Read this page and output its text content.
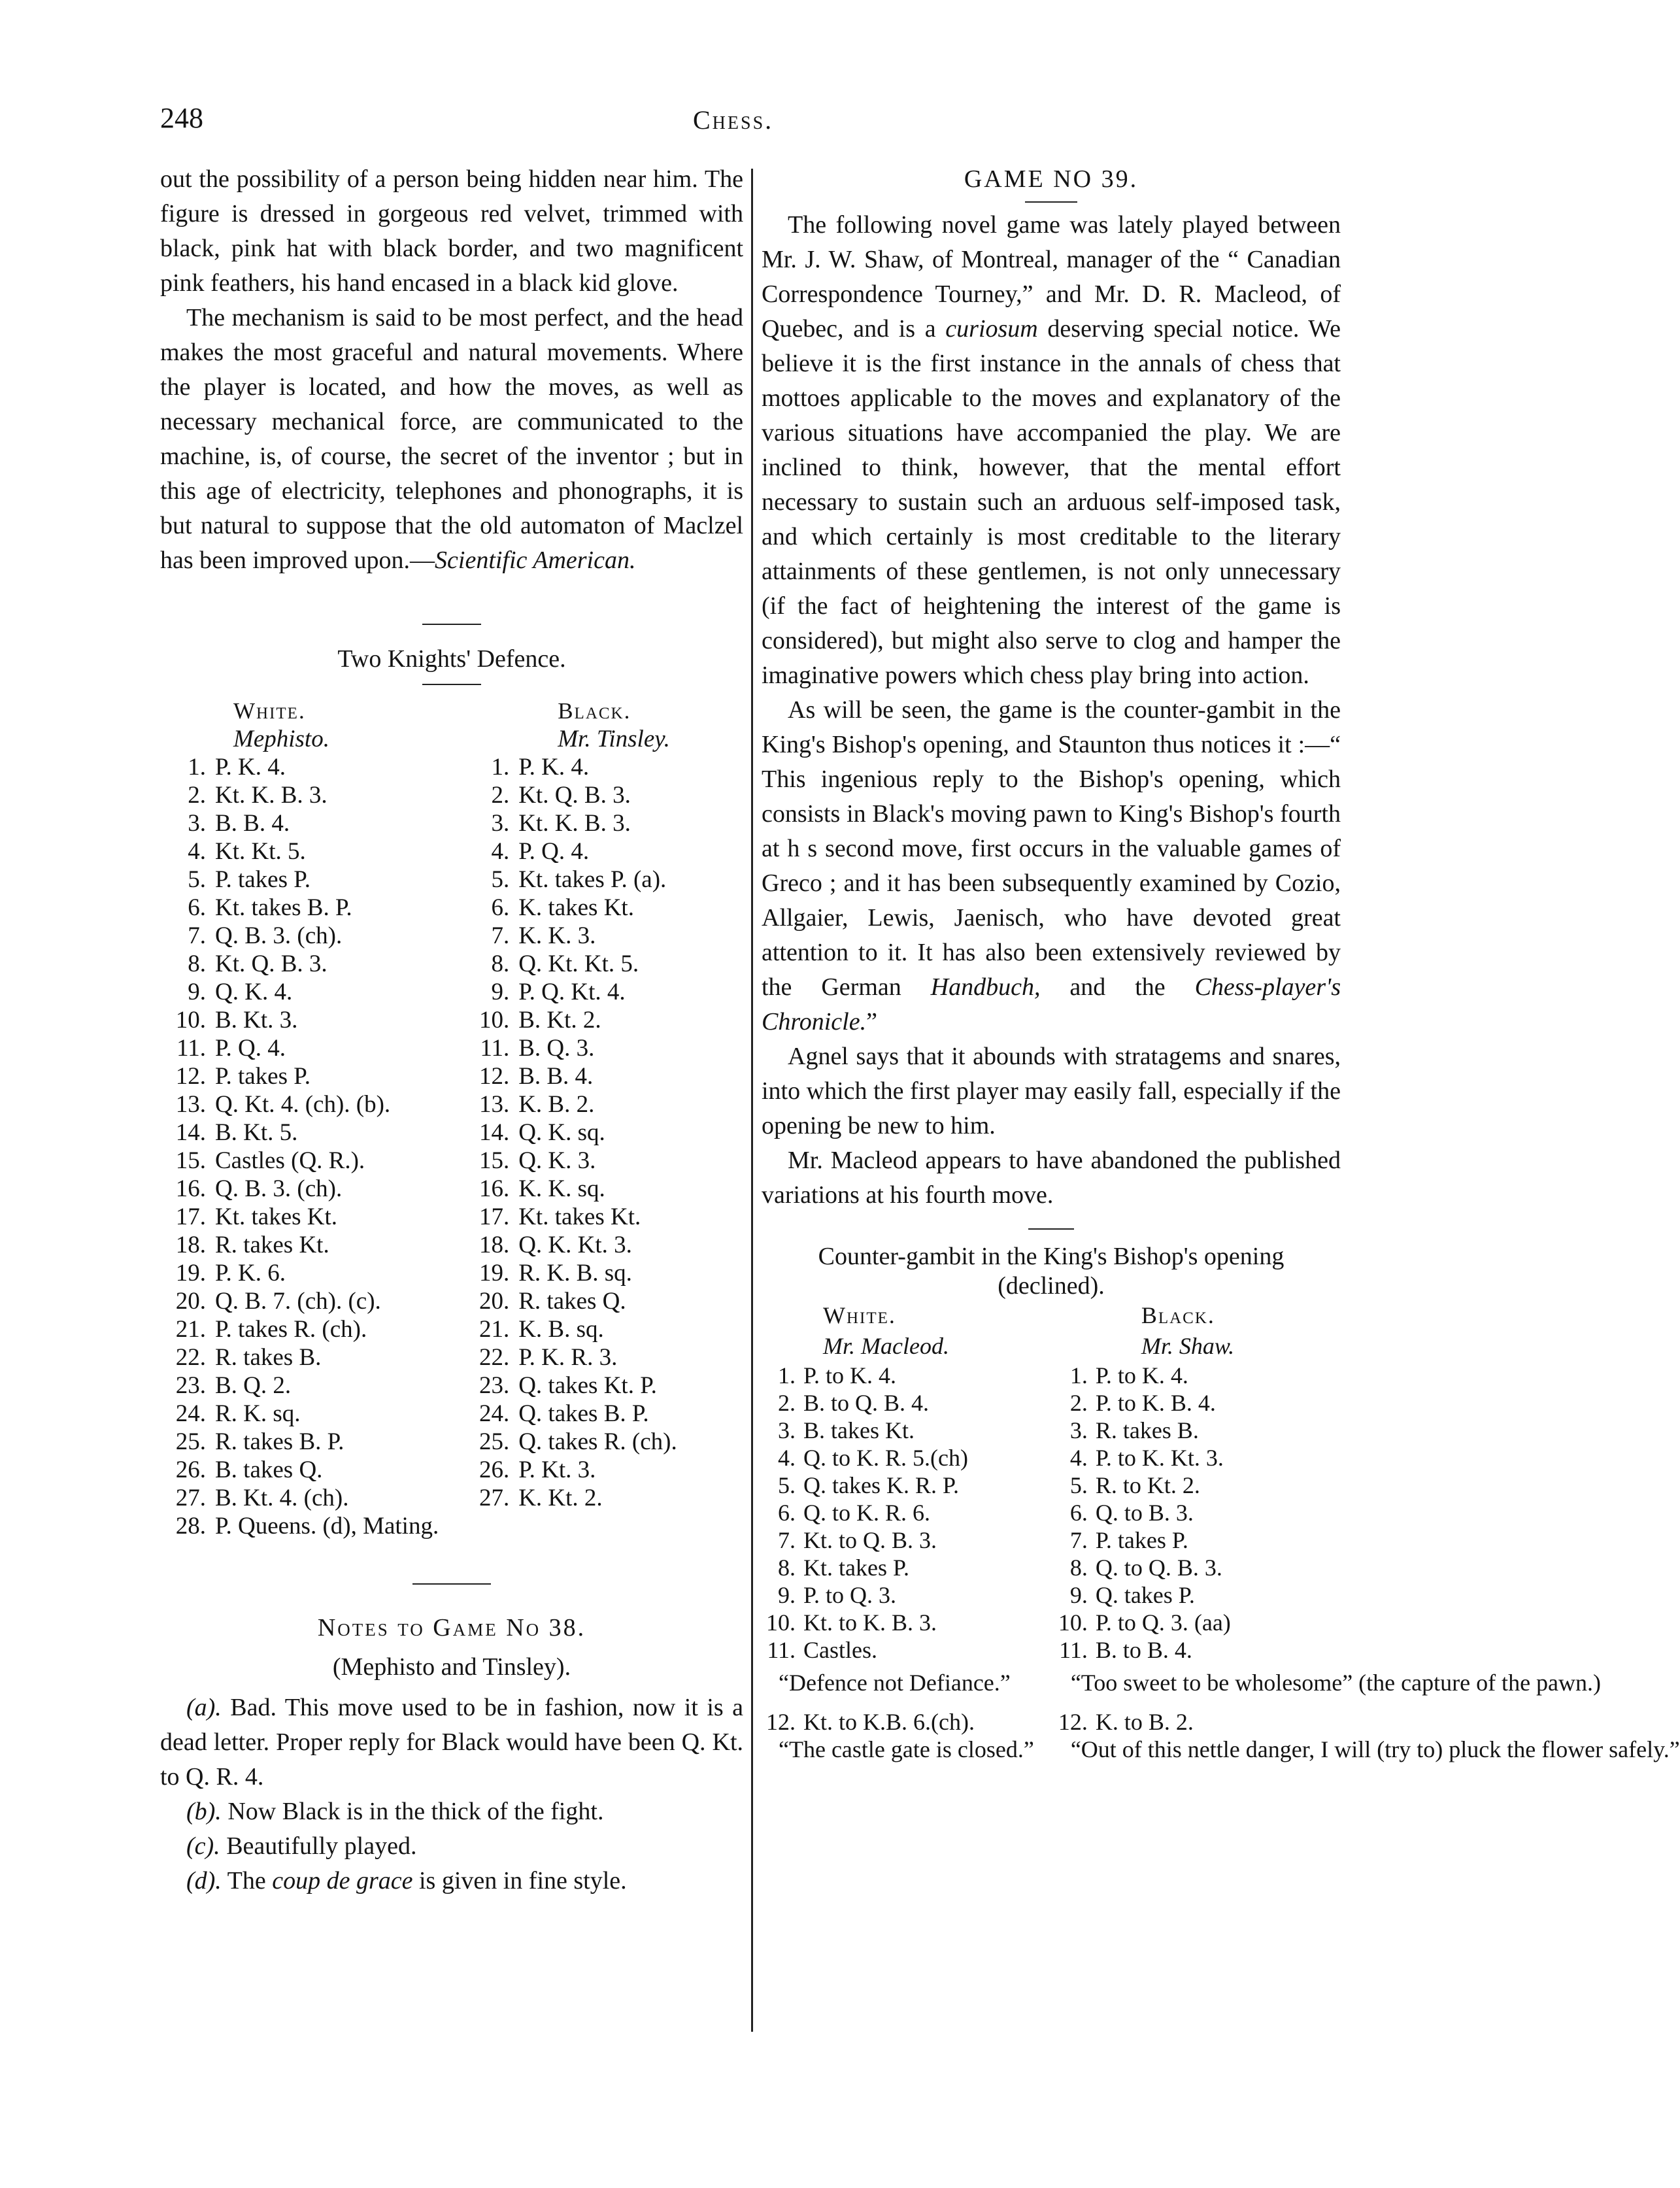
248	Chess.

out the possibility of a person being hidden near him. The figure is dressed in gorgeous red velvet, trimmed with black, pink hat with black border, and two magnificent pink feathers, his hand encased in a black kid glove.

The mechanism is said to be most perfect, and the head makes the most graceful and natural movements. Where the player is located, and how the moves, as well as necessary mechanical force, are communicated to the machine, is, of course, the secret of the inventor ; but in this age of electricity, telephones and phonographs, it is but natural to suppose that the old automaton of Maclzel has been improved upon.—Scientific American.

Two Knights' Defence.
	White.		Black.
	Mephisto.		Mr. Tinsley.
1.	P. K. 4.	1.	P. K. 4.
2.	Kt. K. B. 3.	2.	Kt. Q. B. 3.
3.	B. B. 4.	3.	Kt. K. B. 3.
4.	Kt. Kt. 5.	4.	P. Q. 4.
5.	P. takes P.	5.	Kt. takes P. (a).
6.	Kt. takes B. P.	6.	K. takes Kt.
7.	Q. B. 3. (ch).	7.	K. K. 3.
8.	Kt. Q. B. 3.	8.	Q. Kt. Kt. 5.
9.	Q. K. 4.	9.	P. Q. Kt. 4.
10.	B. Kt. 3.	10.	B. Kt. 2.
11.	P. Q. 4.	11.	B. Q. 3.
12.	P. takes P.	12.	B. B. 4.
13.	Q. Kt. 4. (ch). (b).	13.	K. B. 2.
14.	B. Kt. 5.	14.	Q. K. sq.
15.	Castles (Q. R.).	15.	Q. K. 3.
16.	Q. B. 3. (ch).	16.	K. K. sq.
17.	Kt. takes Kt.	17.	Kt. takes Kt.
18.	R. takes Kt.	18.	Q. K. Kt. 3.
19.	P. K. 6.	19.	R. K. B. sq.
20.	Q. B. 7. (ch). (c).	20.	R. takes Q.
21.	P. takes R. (ch).	21.	K. B. sq.
22.	R. takes B.	22.	P. K. R. 3.
23.	B. Q. 2.	23.	Q. takes Kt. P.
24.	R. K. sq.	24.	Q. takes B. P.
25.	R. takes B. P.	25.	Q. takes R. (ch).
26.	B. takes Q.	26.	P. Kt. 3.
27.	B. Kt. 4. (ch).	27.	K. Kt. 2.
28.	P. Queens. (d), Mating.		
Notes to Game No 38.
(Mephisto and Tinsley).

(a). Bad. This move used to be in fashion, now it is a dead letter. Proper reply for Black would have been Q. Kt. to Q. R. 4.

(b). Now Black is in the thick of the fight.

(c). Beautifully played.

(d). The coup de grace is given in fine style.

GAME NO 39.

The following novel game was lately played between Mr. J. W. Shaw, of Montreal, manager of the “ Canadian Correspondence Tourney,” and Mr. D. R. Macleod, of Quebec, and is a curiosum deserving special notice. We believe it is the first instance in the annals of chess that mottoes applicable to the moves and explanatory of the various situations have accompanied the play. We are inclined to think, however, that the mental effort necessary to sustain such an arduous self-imposed task, and which certainly is most creditable to the literary attainments of these gentlemen, is not only unnecessary (if the fact of heightening the interest of the game is considered), but might also serve to clog and hamper the imaginative powers which chess play bring into action.

As will be seen, the game is the counter-gambit in the King's Bishop's opening, and Staunton thus notices it :—“ This ingenious reply to the Bishop's opening, which consists in Black's moving pawn to King's Bishop's fourth at h s second move, first occurs in the valuable games of Greco ; and it has been subsequently examined by Cozio, Allgaier, Lewis, Jaenisch, who have devoted great attention to it. It has also been extensively reviewed by the German Handbuch, and the Chess-player's Chronicle.”

Agnel says that it abounds with stratagems and snares, into which the first player may easily fall, especially if the opening be new to him.

Mr. Macleod appears to have abandoned the published variations at his fourth move.

Counter-gambit in the King's Bishop's opening
(declined).
	White.		Black.
	Mr. Macleod.		Mr. Shaw.
1.	P. to K. 4.	1.	P. to K. 4.
2.	B. to Q. B. 4.	2.	P. to K. B. 4.
3.	B. takes Kt.	3.	R. takes B.
4.	Q. to K. R. 5.(ch)	4.	P. to K. Kt. 3.
5.	Q. takes K. R. P.	5.	R. to Kt. 2.
6.	Q. to K. R. 6.	6.	Q. to B. 3.
7.	Kt. to Q. B. 3.	7.	P. takes P.
8.	Kt. takes P.	8.	Q. to Q. B. 3.
9.	P. to Q. 3.	9.	Q. takes P.
10.	Kt. to K. B. 3.	10.	P. to Q. 3. (aa)
11.	Castles.	11.	B. to B. 4.
“Defence not Defiance.”		“Too sweet to be wholesome” (the capture of the pawn.)	
12.	Kt. to K.B. 6.(ch).	12.	K. to B. 2.
“The castle gate is closed.”		“Out of this nettle danger, I will (try to) pluck the flower safely.”	
